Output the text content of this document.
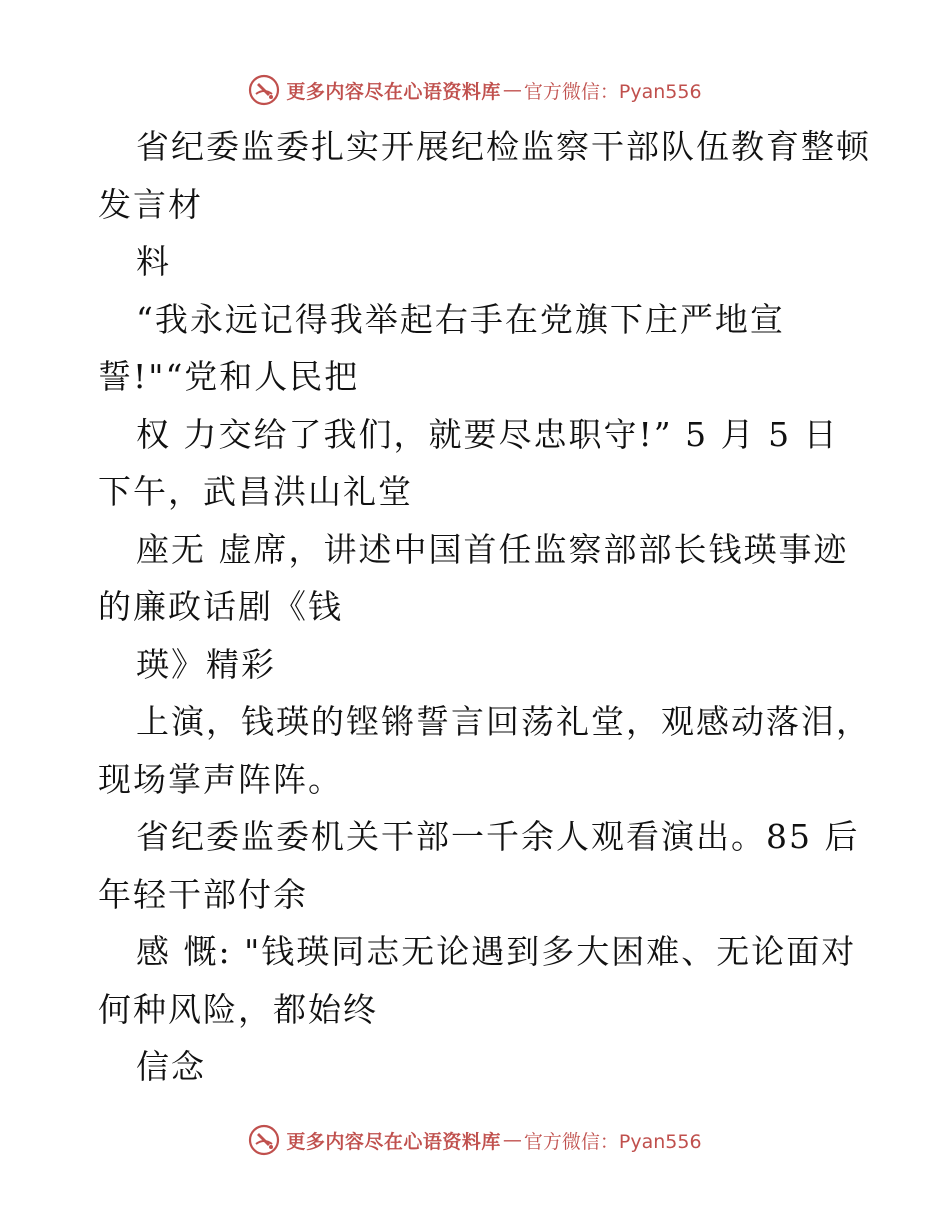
更多内容尽在心语资料库 — 官方微信：Pyan556

省纪委监委扎实开展纪检监察干部队伍教育整顿
发言材

料

“我永远记得我举起右手在党旗下庄严地宣
誓!"“党和人民把

权 力交给了我们，就要尽忠职守!” 5 月 5 日
下午，武昌洪山礼堂

座无 虚席，讲述中国首任监察部部长钱瑛事迹
的廉政话剧《钱

瑛》精彩

上演，钱瑛的铿锵誓言回荡礼堂，观感动落泪，
现场掌声阵阵。

省纪委监委机关干部一千余人观看演出。85 后
年轻干部付余

感 慨: "钱瑛同志无论遇到多大困难、无论面对
何种风险，都始终

信念

更多内容尽在心语资料库 — 官方微信：Pyan556
